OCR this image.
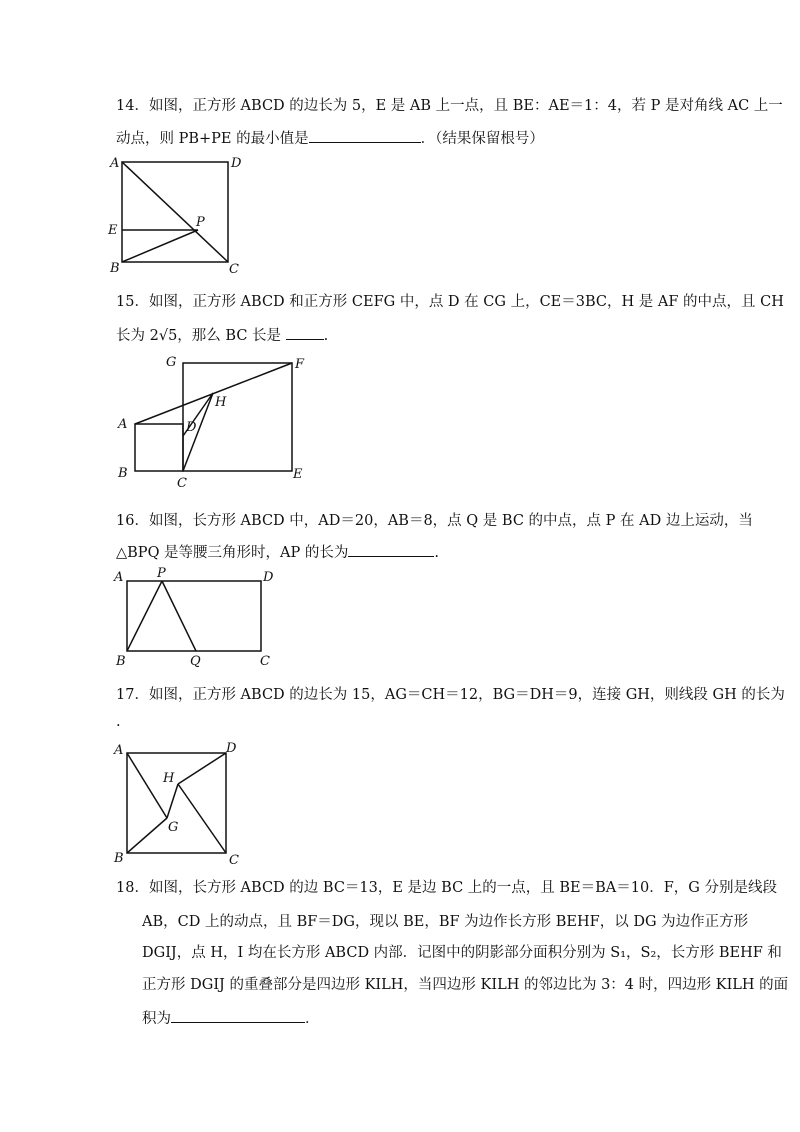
14．如图，正方形 ABCD 的边长为 5，E 是 AB 上一点，且 BE：AE＝1：4，若 P 是对角线 AC 上一
动点，则 PB+PE 的最小值是	．（结果保留根号）
A	D
E
P
B	C
15．如图，正方形 ABCD 和正方形 CEFG 中，点 D 在 CG 上，CE＝3BC，H 是 AF 的中点，且 CH
长为 2√5，那么 BC 长是	.
G	F
H
A	D
B
C
E
16．如图，长方形 ABCD 中，AD＝20，AB＝8，点 Q 是 BC 的中点，点 P 在 AD 边上运动，当
△BPQ 是等腰三角形时，AP 的长为	.
A	P	D
B	Q	C
17．如图，正方形 ABCD 的边长为 15，AG＝CH＝12，BG＝DH＝9，连接 GH，则线段 GH 的长为
.
A	D
H
G
B	C
18．如图，长方形 ABCD 的边 BC＝13，E 是边 BC 上的一点，且 BE＝BA＝10．F，G 分别是线段
AB，CD 上的动点，且 BF＝DG，现以 BE，BF 为边作长方形 BEHF，以 DG 为边作正方形
DGIJ，点 H，I 均在长方形 ABCD 内部．记图中的阴影部分面积分别为 S₁，S₂，长方形 BEHF 和
正方形 DGIJ 的重叠部分是四边形 KILH，当四边形 KILH 的邻边比为 3：4 时，四边形 KILH 的面
积为	．
